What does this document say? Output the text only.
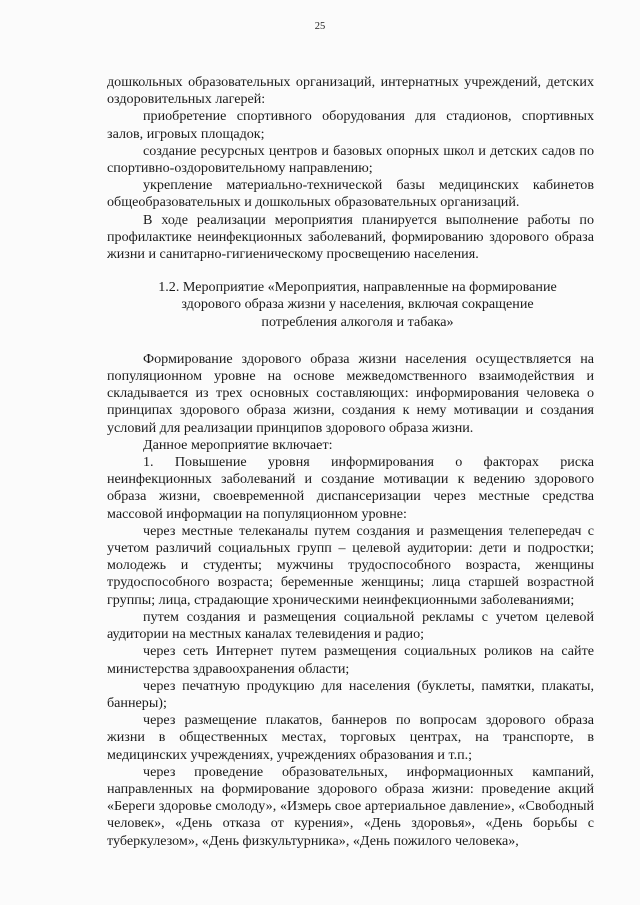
25

дошкольных образовательных организаций, интернатных учреждений, детских оздоровительных лагерей:

приобретение спортивного оборудования для стадионов, спортивных залов, игровых площадок;

создание ресурсных центров и базовых опорных школ и детских садов по спортивно-оздоровительному направлению;

укрепление материально-технической базы медицинских кабинетов общеобразовательных и дошкольных образовательных организаций.

В ходе реализации мероприятия планируется выполнение работы по профилактике неинфекционных заболеваний, формированию здорового образа жизни и санитарно-гигиеническому просвещению населения.

1.2. Мероприятие «Мероприятия, направленные на формирование
здорового образа жизни у населения, включая сокращение
потребления алкоголя и табака»

Формирование здорового образа жизни населения осуществляется на популяционном уровне на основе межведомственного взаимодействия и складывается из трех основных составляющих: информирования человека о принципах здорового образа жизни, создания к нему мотивации и создания условий для реализации принципов здорового образа жизни.

Данное мероприятие включает:

1. Повышение уровня информирования о факторах риска неинфекционных заболеваний и создание мотивации к ведению здорового образа жизни, своевременной диспансеризации через местные средства массовой информации на популяционном уровне:

через местные телеканалы путем создания и размещения телепередач с учетом различий социальных групп – целевой аудитории: дети и подростки; молодежь и студенты; мужчины трудоспособного возраста, женщины трудоспособного возраста; беременные женщины; лица старшей возрастной группы; лица, страдающие хроническими неинфекционными заболеваниями;

путем создания и размещения социальной рекламы с учетом целевой аудитории на местных каналах телевидения и радио;

через сеть Интернет путем размещения социальных роликов на сайте министерства здравоохранения области;

через печатную продукцию для населения (буклеты, памятки, плакаты, баннеры);

через размещение плакатов, баннеров по вопросам здорового образа жизни в общественных местах, торговых центрах, на транспорте, в медицинских учреждениях, учреждениях образования и т.п.;

через проведение образовательных, информационных кампаний, направленных на формирование здорового образа жизни: проведение акций «Береги здоровье смолоду», «Измерь свое артериальное давление», «Свободный человек», «День отказа от курения», «День здоровья», «День борьбы с туберкулезом», «День физкультурника», «День пожилого человека»,
